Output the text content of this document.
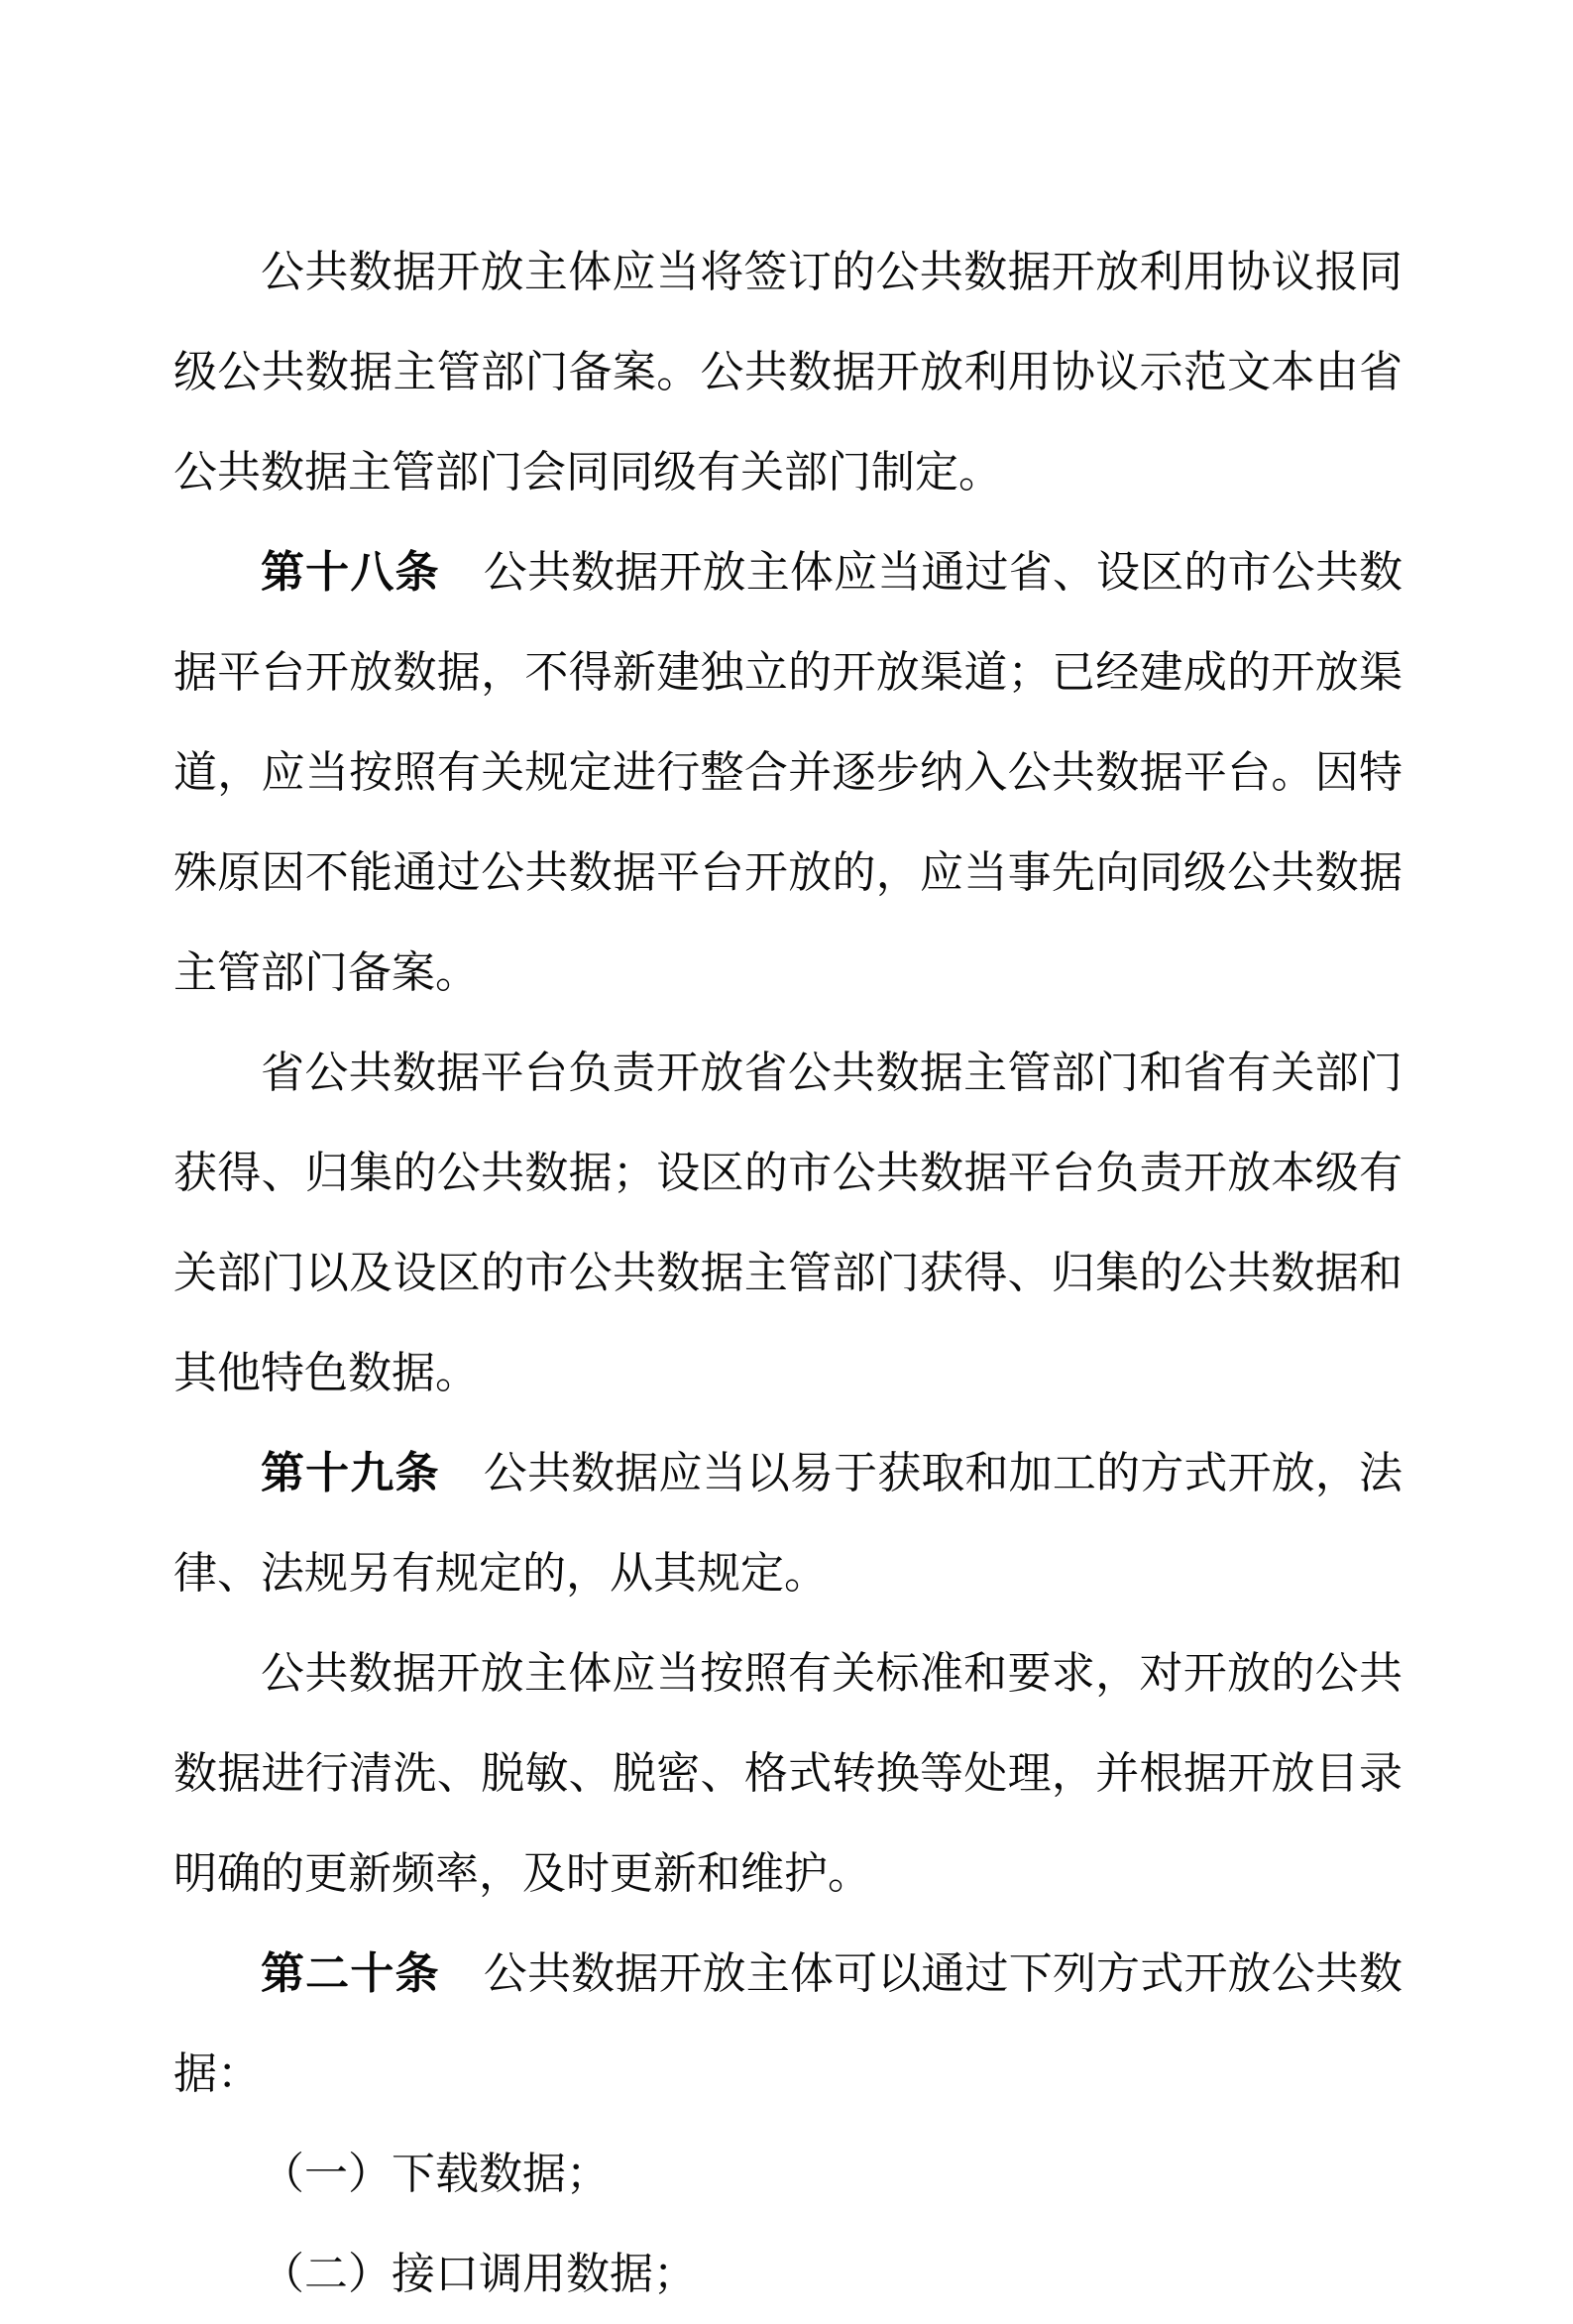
公共数据开放主体应当将签订的公共数据开放利用协议报同级公共数据主管部门备案。公共数据开放利用协议示范文本由省公共数据主管部门会同同级有关部门制定。

第十八条　公共数据开放主体应当通过省、设区的市公共数据平台开放数据，不得新建独立的开放渠道；已经建成的开放渠道，应当按照有关规定进行整合并逐步纳入公共数据平台。因特殊原因不能通过公共数据平台开放的，应当事先向同级公共数据主管部门备案。

省公共数据平台负责开放省公共数据主管部门和省有关部门获得、归集的公共数据；设区的市公共数据平台负责开放本级有关部门以及设区的市公共数据主管部门获得、归集的公共数据和其他特色数据。

第十九条　公共数据应当以易于获取和加工的方式开放，法律、法规另有规定的，从其规定。

公共数据开放主体应当按照有关标准和要求，对开放的公共数据进行清洗、脱敏、脱密、格式转换等处理，并根据开放目录明确的更新频率，及时更新和维护。

第二十条　公共数据开放主体可以通过下列方式开放公共数据：

（一）下载数据；

（二）接口调用数据；
